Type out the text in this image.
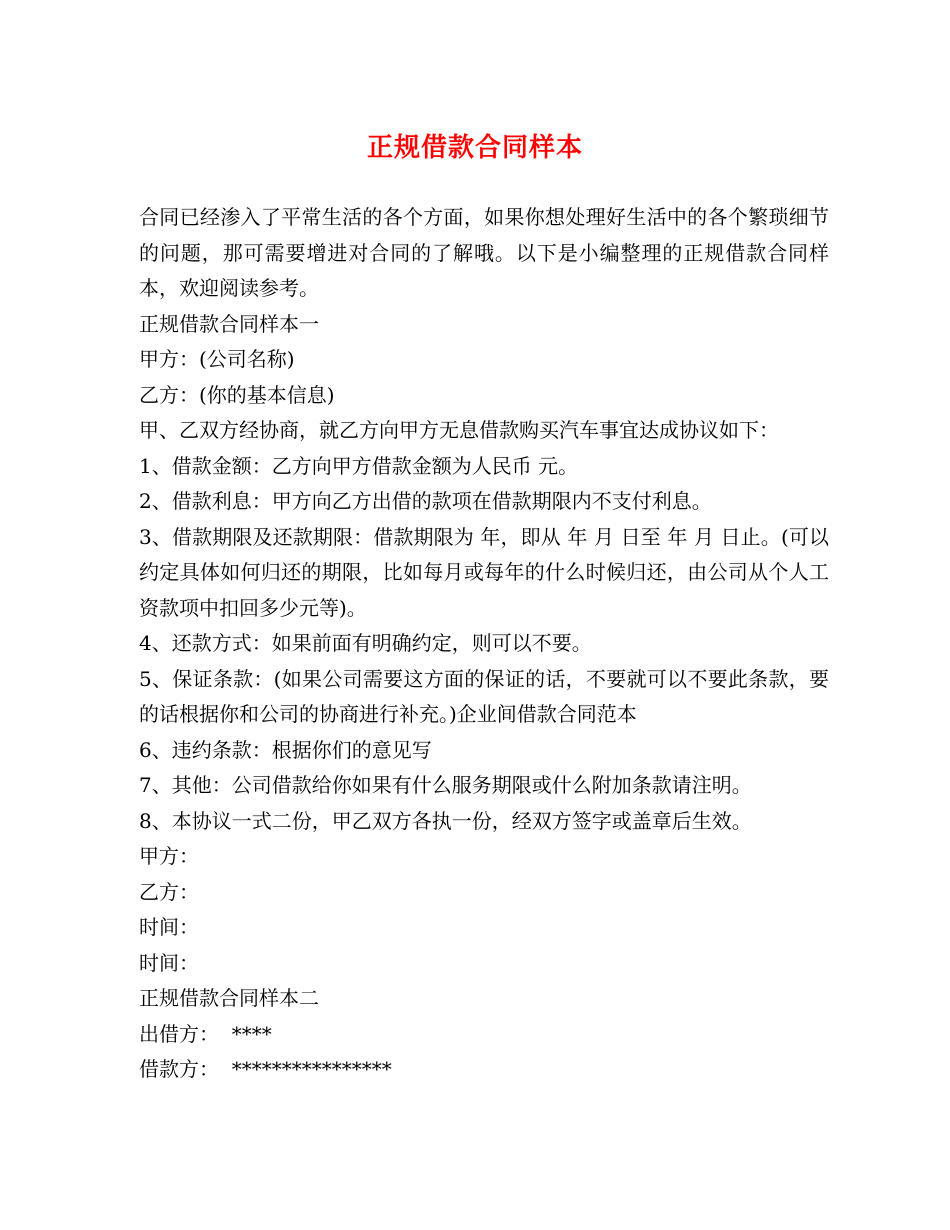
正规借款合同样本

合同已经渗入了平常生活的各个方面，如果你想处理好生活中的各个繁琐细节的问题，那可需要增进对合同的了解哦。以下是小编整理的正规借款合同样本，欢迎阅读参考。

正规借款合同样本一

甲方：(公司名称)

乙方：(你的基本信息)

甲、乙双方经协商，就乙方向甲方无息借款购买汽车事宜达成协议如下：

1、借款金额：乙方向甲方借款金额为人民币 元。

2、借款利息：甲方向乙方出借的款项在借款期限内不支付利息。

3、借款期限及还款期限：借款期限为 年，即从 年 月 日至 年 月 日止。(可以约定具体如何归还的期限，比如每月或每年的什么时候归还，由公司从个人工资款项中扣回多少元等)。

4、还款方式：如果前面有明确约定，则可以不要。

5、保证条款：(如果公司需要这方面的保证的话，不要就可以不要此条款，要的话根据你和公司的协商进行补充。)企业间借款合同范本

6、违约条款：根据你们的意见写

7、其他：公司借款给你如果有什么服务期限或什么附加条款请注明。

8、本协议一式二份，甲乙双方各执一份，经双方签字或盖章后生效。

甲方：

乙方：

时间：

时间：

正规借款合同样本二

出借方：  ****

借款方：  ****************
